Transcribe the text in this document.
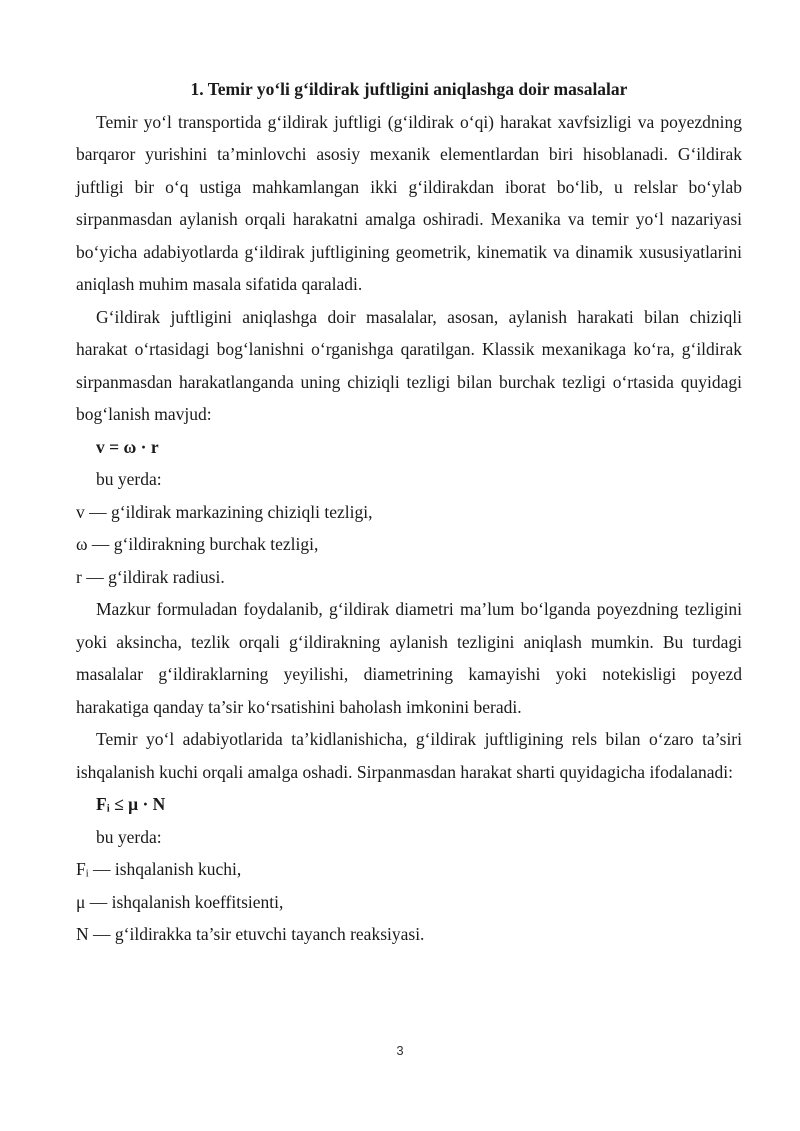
1. Temir yo‘li g‘ildirak juftligini aniqlashga doir masalalar

Temir yo‘l transportida g‘ildirak juftligi (g‘ildirak o‘qi) harakat xavfsizligi va poyezdning barqaror yurishini ta’minlovchi asosiy mexanik elementlardan biri hisoblanadi. G‘ildirak juftligi bir o‘q ustiga mahkamlangan ikki g‘ildirakdan iborat bo‘lib, u relslar bo‘ylab sirpanmasdan aylanish orqali harakatni amalga oshiradi. Mexanika va temir yo‘l nazariyasi bo‘yicha adabiyotlarda g‘ildirak juftligining geometrik, kinematik va dinamik xususiyatlarini aniqlash muhim masala sifatida qaraladi.

G‘ildirak juftligini aniqlashga doir masalalar, asosan, aylanish harakati bilan chiziqli harakat o‘rtasidagi bog‘lanishni o‘rganishga qaratilgan. Klassik mexanikaga ko‘ra, g‘ildirak sirpanmasdan harakatlanganda uning chiziqli tezligi bilan burchak tezligi o‘rtasida quyidagi bog‘lanish mavjud:

v = ω · r

bu yerda:

v — g‘ildirak markazining chiziqli tezligi,

ω — g‘ildirakning burchak tezligi,

r — g‘ildirak radiusi.

Mazkur formuladan foydalanib, g‘ildirak diametri ma’lum bo‘lganda poyezdning tezligini yoki aksincha, tezlik orqali g‘ildirakning aylanish tezligini aniqlash mumkin. Bu turdagi masalalar g‘ildiraklarning yeyilishi, diametrining kamayishi yoki notekisligi poyezd harakatiga qanday ta’sir ko‘rsatishini baholash imkonini beradi.

Temir yo‘l adabiyotlarida ta’kidlanishicha, g‘ildirak juftligining rels bilan o‘zaro ta’siri ishqalanish kuchi orqali amalga oshadi. Sirpanmasdan harakat sharti quyidagicha ifodalanadi:

Fᵢ ≤ μ · N

bu yerda:

Fᵢ — ishqalanish kuchi,

μ — ishqalanish koeffitsienti,

N — g‘ildirakka ta’sir etuvchi tayanch reaksiyasi.

3
